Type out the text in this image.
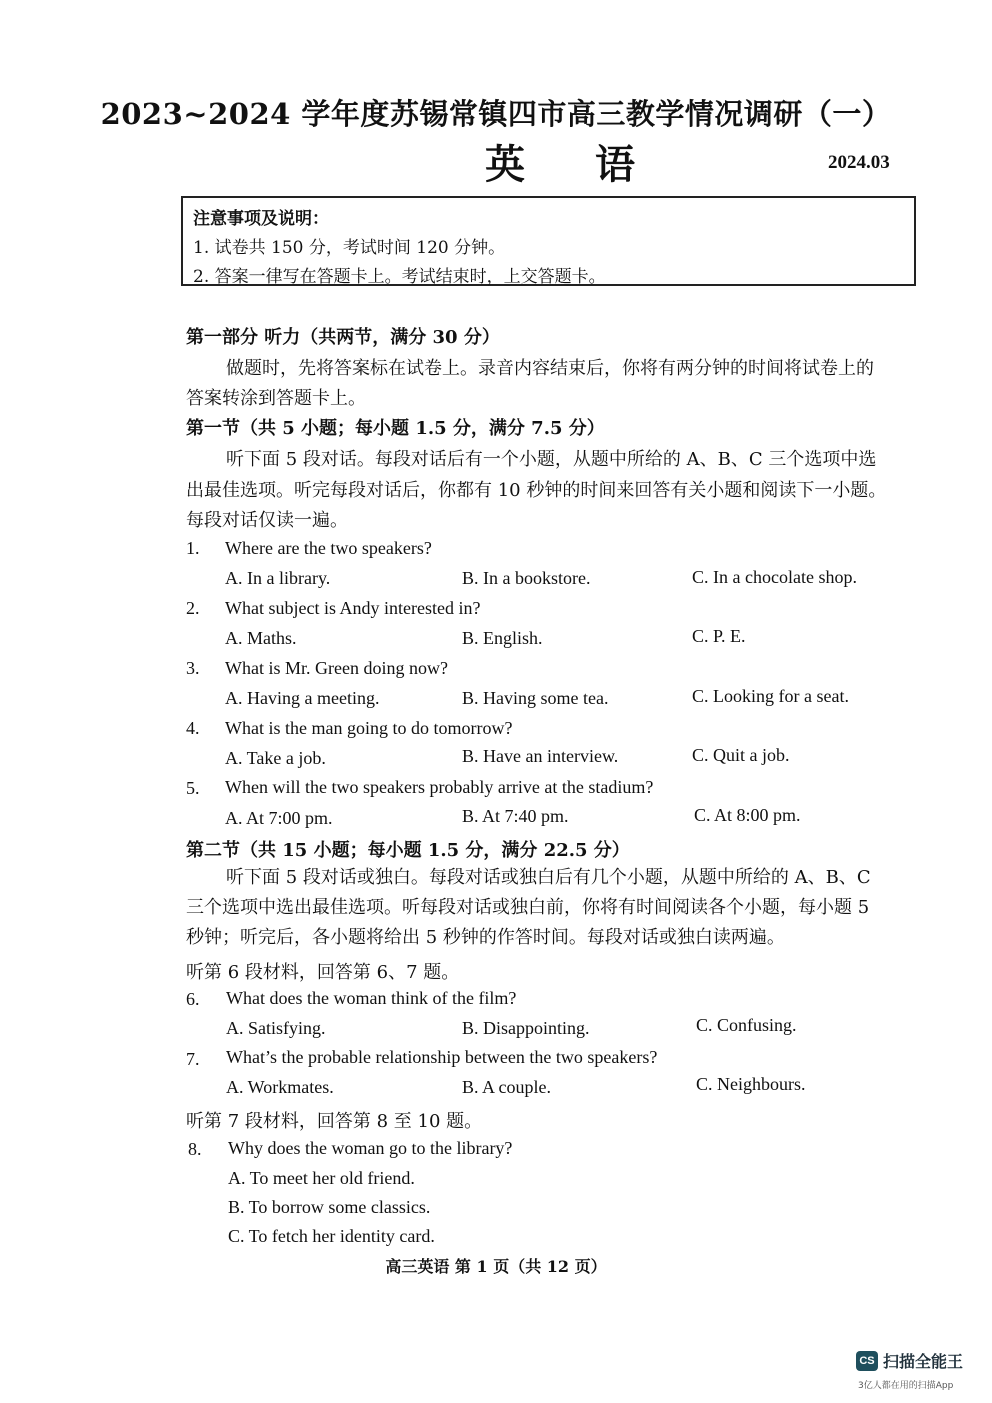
2023~2024 学年度苏锡常镇四市高三教学情况调研（一）
英语	2024.03
注意事项及说明：
1. 试卷共 150 分，考试时间 120 分钟。
2. 答案一律写在答题卡上。考试结束时，上交答题卡。
第一部分 听力（共两节，满分 30 分）
做题时，先将答案标在试卷上。录音内容结束后，你将有两分钟的时间将试卷上的
答案转涂到答题卡上。
第一节（共 5 小题；每小题 1.5 分，满分 7.5 分）
听下面 5 段对话。每段对话后有一个小题，从题中所给的 A、B、C 三个选项中选
出最佳选项。听完每段对话后，你都有 10 秒钟的时间来回答有关小题和阅读下一小题。
每段对话仅读一遍。
1. Where are the two speakers?
A. In a library.	B. In a bookstore.	C. In a chocolate shop.
2. What subject is Andy interested in?
A. Maths.	B. English.	C. P. E.
3. What is Mr. Green doing now?
A. Having a meeting.	B. Having some tea.	C. Looking for a seat.
4. What is the man going to do tomorrow?
A. Take a job.	B. Have an interview.	C. Quit a job.
5. When will the two speakers probably arrive at the stadium?
A. At 7:00 pm.	B. At 7:40 pm.	C. At 8:00 pm.
第二节（共 15 小题；每小题 1.5 分，满分 22.5 分）
听下面 5 段对话或独白。每段对话或独白后有几个小题，从题中所给的 A、B、C
三个选项中选出最佳选项。听每段对话或独白前，你将有时间阅读各个小题，每小题 5
秒钟；听完后，各小题将给出 5 秒钟的作答时间。每段对话或独白读两遍。
听第 6 段材料，回答第 6、7 题。
6. What does the woman think of the film?
A. Satisfying.	B. Disappointing.	C. Confusing.
7. What’s the probable relationship between the two speakers?
A. Workmates.	B. A couple.	C. Neighbours.
听第 7 段材料，回答第 8 至 10 题。
8. Why does the woman go to the library?
A. To meet her old friend.
B. To borrow some classics.
C. To fetch her identity card.
高三英语 第 1 页（共 12 页）
CS 扫描全能王
3亿人都在用的扫描App
